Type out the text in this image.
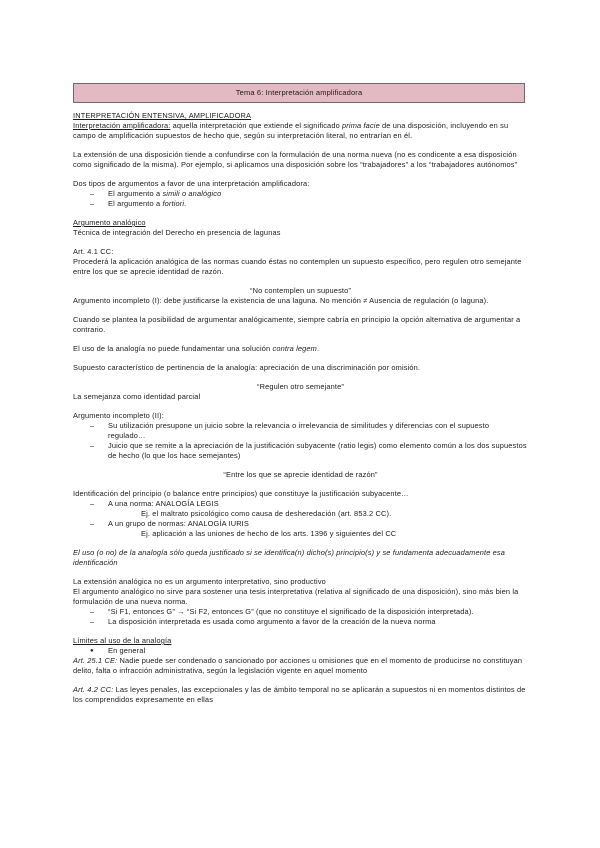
Tema 6: Interpretación ampliﬁcadora

INTERPRETACIÓN ENTENSIVA, AMPLIFICADORA

Interpretación ampliﬁcadora: aquella interpretación que extiende el signiﬁcado prima facie de una disposición, incluyendo en su campo de ampliﬁcación supuestos de hecho que, según su interpretación literal, no entrarían en él.

La extensión de una disposición tiende a confundirse con la formulación de una norma nueva (no es condicente a esa disposición como signiﬁcado de la misma). Por ejemplo, si aplicamos una disposición sobre los “trabajadores” a los “trabajadores autónomos”

Dos tipos de argumentos a favor de una interpretación ampliﬁcadora:

– El argumento a simili o analógico
– El argumento a fortiori.

Argumento analógico

Técnica de integración del Derecho en presencia de lagunas

Art. 4.1 CC:

Procederá la aplicación analógica de las normas cuando éstas no contemplen un supuesto especíﬁco, pero regulen otro semejante entre los que se aprecie identidad de razón.

“No contemplen un supuesto”

Argumento incompleto (I): debe justiﬁcarse la existencia de una laguna. No mención ≠ Ausencia de regulación (o laguna).

Cuando se plantea la posibilidad de argumentar analógicamente, siempre cabría en principio la opción alternativa de argumentar a contrario.

El uso de la analogía no puede fundamentar una solución contra legem.

Supuesto característico de pertinencia de la analogía: apreciación de una discriminación por omisión.

“Regulen otro semejante”

La semejanza como identidad parcial

Argumento incompleto (II):

– Su utilización presupone un juicio sobre la relevancia o irrelevancia de similitudes y diferencias con el supuesto regulado…
– Juicio que se remite a la apreciación de la justiﬁcación subyacente (ratio legis) como elemento común a los dos supuestos de hecho (lo que los hace semejantes)

“Entre los que se aprecie identidad de razón”

Identiﬁcación del principio (o balance entre principios) que constituye la justiﬁcación subyacente…

– A una norma: ANALOGÍA LEGIS

Ej. el maltrato psicológico como causa de desheredación (art. 853.2 CC).

– A un grupo de normas: ANALOGÍA IURIS

Ej. aplicación a las uniones de hecho de los arts. 1396 y siguientes del CC

El uso (o no) de la analogía sólo queda justiﬁcado si se identiﬁca(n) dicho(s) principio(s) y se fundamenta adecuadamente esa identiﬁcación

La extensión analógica no es un argumento interpretativo, sino productivo

El argumento analógico no sirve para sostener una tesis interpretativa (relativa al signiﬁcado de una disposición), sino más bien la formulación de una nueva norma.

– “Si F1, entonces G” → “Si F2, entonces G” (que no constituye el signiﬁcado de la disposición interpretada).
– La disposición interpretada es usada como argumento a favor de la creación de la nueva norma

Límites al uso de la analogía

● En general

Art. 25.1 CE: Nadie puede ser condenado o sancionado por acciones u omisiones que en el momento de producirse no constituyan delito, falta o infracción administrativa, según la legislación vigente en aquel momento

Art. 4.2 CC: Las leyes penales, las excepcionales y las de ámbito temporal no se aplicarán a supuestos ni en momentos distintos de los comprendidos expresamente en ellas
